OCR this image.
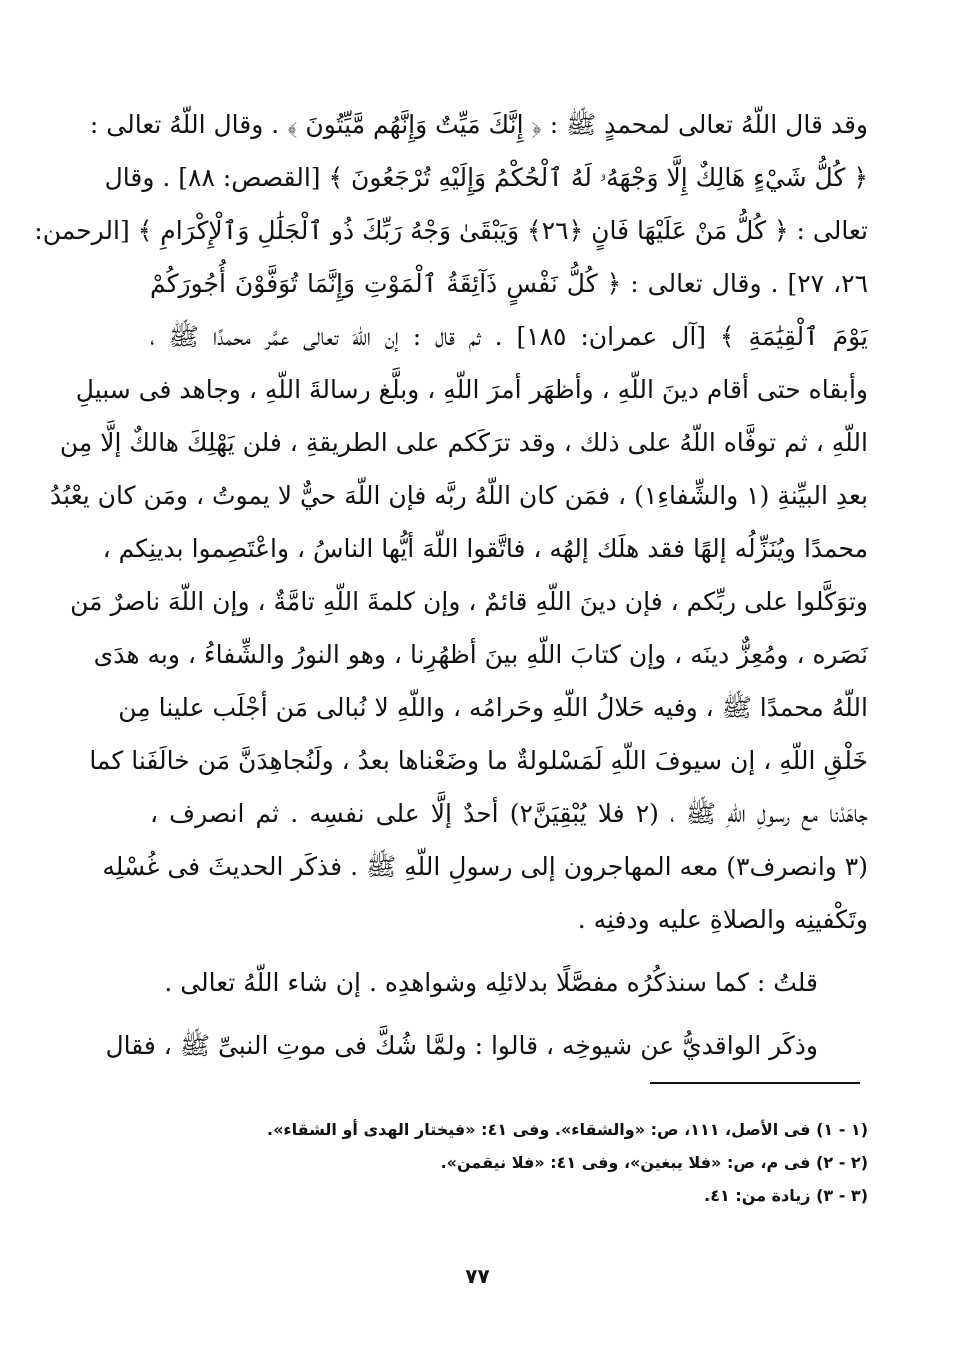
وقد قال اللّهُ تعالى لمحمدٍ ﷺ : ﴿ إِنَّكَ مَيِّتٌ وَإِنَّهُم مَّيِّتُونَ ﴾ . وقال اللّهُ تعالى :
﴿ كُلُّ شَيْءٍ هَالِكٌ إِلَّا وَجْهَهُۥ لَهُ ٱلْحُكْمُ وَإِلَيْهِ تُرْجَعُونَ ﴾ [القصص: ٨٨] . وقال
تعالى : ﴿ كُلُّ مَنْ عَلَيْهَا فَانٍ ﴿٢٦﴾ وَيَبْقَىٰ وَجْهُ رَبِّكَ ذُو ٱلْجَلَٰلِ وَٱلْإِكْرَامِ ﴾ [الرحمن:
٢٦، ٢٧] . وقال تعالى : ﴿ كُلُّ نَفْسٍ ذَآئِقَةُ ٱلْمَوْتِ وَإِنَّمَا تُوَفَّوْنَ أُجُورَكُمْ
يَوْمَ ٱلْقِيَٰمَةِ ﴾ [آل عمران: ١٨٥] . ثم قال : إن اللّهَ تعالى عمَّر محمدًا ﷺ ،
وأبقاه حتى أقام دينَ اللّهِ ، وأظهَر أمرَ اللّهِ ، وبلَّغ رسالةَ اللّهِ ، وجاهد فى سبيلِ
اللّهِ ، ثم توفَّاه اللّهُ على ذلك ، وقد ترَكَكم على الطريقةِ ، فلن يَهْلِكَ هالكٌ إلَّا مِن
بعدِ البيِّنةِ (١ والشِّفاءِ١) ، فمَن كان اللّهُ ربَّه فإن اللّهَ حيٌّ لا يموتُ ، ومَن كان يعْبُدُ
محمدًا ويُنَزِّلُه إلهًا فقد هلَك إلهُه ، فاتَّقوا اللّهَ أيُّها الناسُ ، واعْتَصِموا بدينِكم ،
وتوَكَّلوا على ربِّكم ، فإن دينَ اللّهِ قائمٌ ، وإن كلمةَ اللّهِ تامَّةٌ ، وإن اللّهَ ناصرٌ مَن
نَصَره ، ومُعِزٌّ دينَه ، وإن كتابَ اللّهِ بينَ أظهُرِنا ، وهو النورُ والشِّفاءُ ، وبه هدَى
اللّهُ محمدًا ﷺ ، وفيه حَلالُ اللّهِ وحَرامُه ، واللّهِ لا نُبالى مَن أجْلَب علينا مِن
خَلْقِ اللّهِ ، إن سيوفَ اللّهِ لَمَسْلولةٌ ما وضَعْناها بعدُ ، ولَنُجاهِدَنَّ مَن خالَفَنا كما
جاهَدْنا مع رسولِ اللّهِ ﷺ ، (٢ فلا يُبْقِيَنَّ٢) أحدٌ إلَّا على نفسِه . ثم انصرف ،
(٣ وانصرف٣) معه المهاجرون إلى رسولِ اللّهِ ﷺ . فذكَر الحديثَ فى غُسْلِه
وتَكْفينِه والصلاةِ عليه ودفنِه .
قلتُ : كما سنذكُرُه مفصَّلًا بدلائلِه وشواهدِه . إن شاء اللّهُ تعالى .
وذكَر الواقديُّ عن شيوخِه ، قالوا : ولمَّا شُكَّ فى موتِ النبىِّ ﷺ ، فقال
(١ - ١) فى الأصل، ١١١، ص: «والشقاء». وفى ٤١: «فيختار الهدى أو الشقاء».
(٢ - ٢) فى م، ص: «فلا يبغين»، وفى ٤١: «فلا نيقمن».
(٣ - ٣) زيادة من: ٤١.
٧٧
